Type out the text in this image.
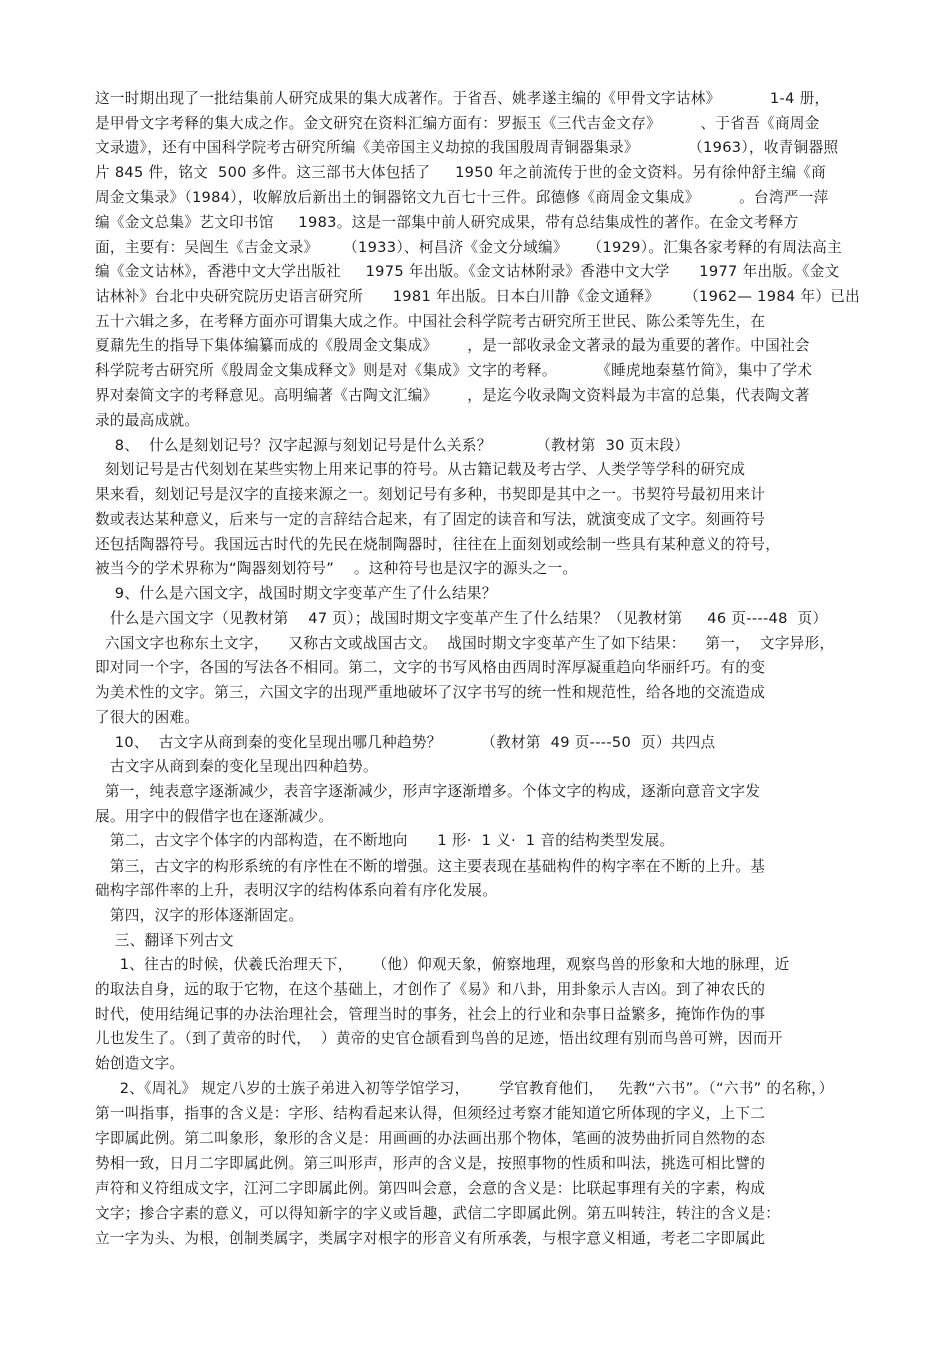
这一时期出现了一批结集前人研究成果的集大成著作。于省吾、姚孝遂主编的《甲骨文字诂林》          1-4 册，
是甲骨文字考释的集大成之作。金文研究在资料汇编方面有：罗振玉《三代吉金文存》        、于省吾《商周金
文录遗》，还有中国科学院考古研究所编《美帝国主义劫掠的我国殷周青铜器集录》          （1963），收青铜器照
片 845 件，铭文  500 多件。这三部书大体包括了     1950 年之前流传于世的金文资料。另有徐仲舒主编《商
周金文集录》（1984），收解放后新出土的铜器铭文九百七十三件。邱德修《商周金文集成》        。台湾严一萍
编《金文总集》艺文印书馆     1983。这是一部集中前人研究成果，带有总结集成性的著作。在金文考释方
面，主要有：吴闿生《吉金文录》     （1933）、柯昌济《金文分域编》    （1929）。汇集各家考释的有周法高主
编《金文诂林》，香港中文大学出版社     1975 年出版。《金文诂林附录》香港中文大学      1977 年出版。《金文
诂林补》台北中央研究院历史语言研究所      1981 年出版。日本白川静《金文通释》     （1962— 1984 年）已出
五十六辑之多，在考释方面亦可谓集大成之作。中国社会科学院考古研究所王世民、陈公柔等先生，在
夏鼐先生的指导下集体编纂而成的《殷周金文集成》      ，是一部收录金文著录的最为重要的著作。中国社会
科学院考古研究所《殷周金文集成释文》则是对《集成》文字的考释。        《睡虎地秦墓竹简》，集中了学术
界对秦简文字的考释意见。高明编著《古陶文汇编》      ，是迄今收录陶文资料最为丰富的总集，代表陶文著
录的最高成就。
8、  什么是刻划记号？汉字起源与刻划记号是什么关系？         （教材第  30 页末段）
刻划记号是古代刻划在某些实物上用来记事的符号。从古籍记载及考古学、人类学等学科的研究成
果来看，刻划记号是汉字的直接来源之一。刻划记号有多种，书契即是其中之一。书契符号最初用来计
数或表达某种意义，后来与一定的言辞结合起来，有了固定的读音和写法，就演变成了文字。刻画符号
还包括陶器符号。我国远古时代的先民在烧制陶器时，往往在上面刻划或绘制一些具有某种意义的符号，
被当今的学术界称为“陶器刻划符号”    。这种符号也是汉字的源头之一。
9、什么是六国文字，战国时期文字变革产生了什么结果？
什么是六国文字（见教材第    47 页）；战国时期文字变革产生了什么结果？（见教材第     46 页----48  页）
六国文字也称东土文字，    又称古文或战国古文。  战国时期文字变革产生了如下结果：    第一，  文字异形，
即对同一个字，各国的写法各不相同。第二，文字的书写风格由西周时浑厚凝重趋向华丽纤巧。有的变
为美术性的文字。第三，六国文字的出现严重地破坏了汉字书写的统一性和规范性，给各地的交流造成
了很大的困难。
10、  古文字从商到秦的变化呈现出哪几种趋势？        （教材第  49 页----50  页）共四点
古文字从商到秦的变化呈现出四种趋势。
第一，纯表意字逐渐减少，表音字逐渐减少，形声字逐渐增多。个体文字的构成，逐渐向意音文字发
展。用字中的假借字也在逐渐减少。
第二，古文字个体字的内部构造，在不断地向      1 形·  1 义·  1 音的结构类型发展。
第三，古文字的构形系统的有序性在不断的增强。这主要表现在基础构件的构字率在不断的上升。基
础构字部件率的上升，表明汉字的结构体系向着有序化发展。
第四，汉字的形体逐渐固定。
三、翻译下列古文
1、往古的时候，伏羲氏治理天下，    （他）仰观天象，俯察地理，观察鸟兽的形象和大地的脉理，近
的取法自身，远的取于它物，在这个基础上，才创作了《易》和八卦，用卦象示人吉凶。到了神农氏的
时代，使用结绳记事的办法治理社会，管理当时的事务，社会上的行业和杂事日益繁多，掩饰作伪的事
儿也发生了。（到了黄帝的时代，  ）黄帝的史官仓颉看到鸟兽的足迹，悟出纹理有别而鸟兽可辨，因而开
始创造文字。
2、《周礼》 规定八岁的士族子弟进入初等学馆学习，      学官教育他们，   先教“六书”。（“六书” 的名称，）
第一叫指事，指事的含义是：字形、结构看起来认得，但须经过考察才能知道它所体现的字义，上下二
字即属此例。第二叫象形，象形的含义是：用画画的办法画出那个物体，笔画的波势曲折同自然物的态
势相一致，日月二字即属此例。第三叫形声，形声的含义是，按照事物的性质和叫法，挑选可相比譬的
声符和义符组成文字，江河二字即属此例。第四叫会意，会意的含义是：比联起事理有关的字素，构成
文字；掺合字素的意义，可以得知新字的字义或旨趣，武信二字即属此例。第五叫转注，转注的含义是：
立一字为头、为根，创制类属字，类属字对根字的形音义有所承袭，与根字意义相通，考老二字即属此
